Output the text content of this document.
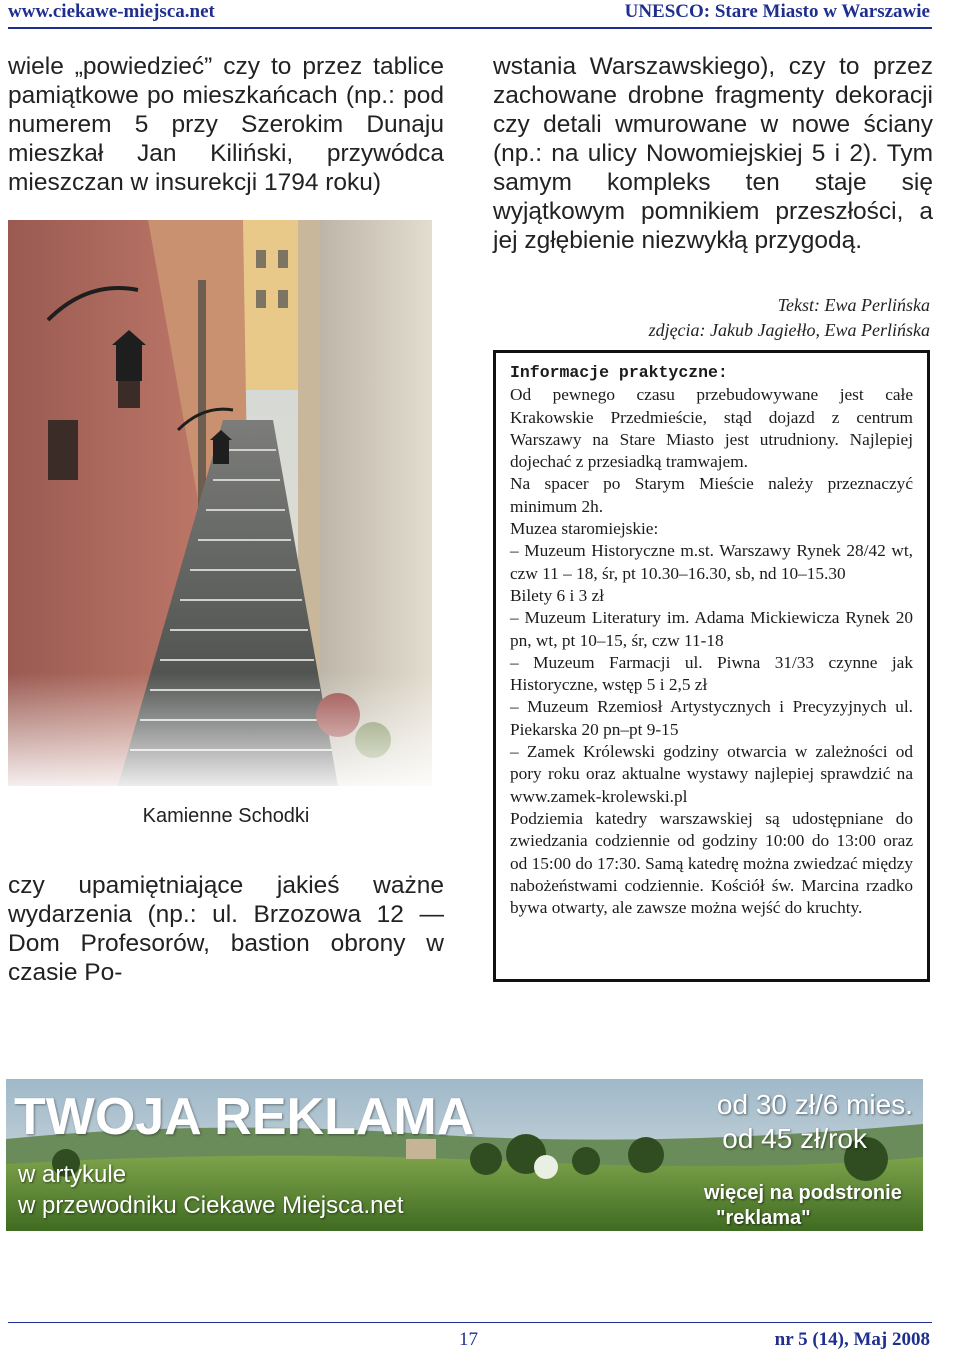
www.ciekawe-miejsca.net	UNESCO: Stare Miasto w Warszawie
wiele „powiedzieć” czy to przez tablice pamiątkowe po mieszkańcach (np.: pod numerem 5 przy Szerokim Dunaju mieszkał Jan Kiliński, przywódca mieszczan w insurekcji 1794 roku)
wstania Warszawskiego), czy to przez zachowane drobne fragmenty dekoracji czy detali wmurowane w nowe ściany (np.: na ulicy Nowomiejskiej 5 i 2). Tym samym kompleks ten staje się wyjątkowym pomnikiem przeszłości, a jej zgłębienie niezwykłą przygodą.
Kamienne Schodki
Tekst: Ewa Perlińska
zdjęcia: Jakub Jagiełło, Ewa Perlińska
Informacje praktyczne:

Od pewnego czasu przebudowywane jest całe Krakowskie Przedmieście, stąd dojazd z centrum Warszawy na Stare Miasto jest utrudniony. Najlepiej dojechać z przesiadką tramwajem.

Na spacer po Starym Mieście należy przeznaczyć minimum 2h.

Muzea staromiejskie:

– Muzeum Historyczne m.st. Warszawy Rynek 28/42 wt, czw 11 – 18, śr, pt 10.30–16.30, sb, nd 10–15.30

Bilety 6 i 3 zł

– Muzeum Literatury im. Adama Mickiewicza Rynek 20 pn, wt, pt 10–15, śr, czw 11-18

– Muzeum Farmacji ul. Piwna 31/33 czynne jak Historyczne, wstęp 5 i 2,5 zł

– Muzeum Rzemiosł Artystycznych i Precyzyjnych ul. Piekarska 20 pn–pt 9-15

– Zamek Królewski godziny otwarcia w zależności od pory roku oraz aktualne wystawy najlepiej sprawdzić na www.zamek-krolewski.pl

Podziemia katedry warszawskiej są udostępniane do zwiedzania codziennie od godziny 10:00 do 13:00 oraz od 15:00 do 17:30. Samą katedrę można zwiedzać między nabożeństwami codziennie. Kościół św. Marcina rzadko bywa otwarty, ale zawsze można wejść do kruchty.

czy upamiętniające jakieś ważne wydarzenia (np.: ul. Brzozowa 12 — Dom Profesorów, bastion obrony w czasie Po-
TWOJA REKLAMA
w artykule
w przewodniku Ciekawe Miejsca.net
od 30 zł/6 mies.
od 45 zł/rok
więcej na podstronie
"reklama"
17	nr 5 (14), Maj 2008
